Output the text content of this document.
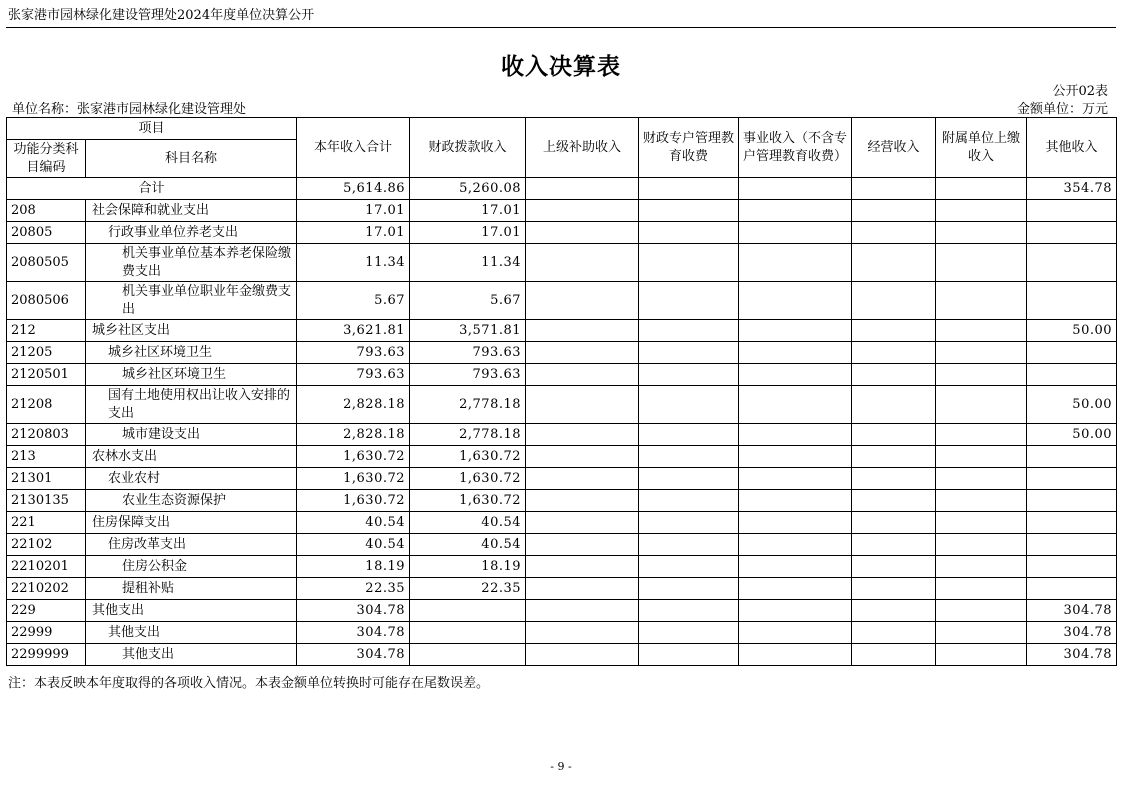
张家港市园林绿化建设管理处2024年度单位决算公开
收入决算表
公开02表
单位名称：张家港市园林绿化建设管理处	金额单位：万元
项目		本年收入合计	财政拨款收入	上级补助收入	财政专户管理教育收费	事业收入（不含专户管理教育收费）	经营收入	附属单位上缴收入	其他收入
功能分类科目编码	科目名称								
合计		5,614.86	5,260.08						354.78
208	社会保障和就业支出	17.01	17.01						
20805	行政事业单位养老支出	17.01	17.01						
2080505	机关事业单位基本养老保险缴费支出	11.34	11.34						
2080506	机关事业单位职业年金缴费支出	5.67	5.67						
212	城乡社区支出	3,621.81	3,571.81						50.00
21205	城乡社区环境卫生	793.63	793.63						
2120501	城乡社区环境卫生	793.63	793.63						
21208	国有土地使用权出让收入安排的支出	2,828.18	2,778.18						50.00
2120803	城市建设支出	2,828.18	2,778.18						50.00
213	农林水支出	1,630.72	1,630.72						
21301	农业农村	1,630.72	1,630.72						
2130135	农业生态资源保护	1,630.72	1,630.72						
221	住房保障支出	40.54	40.54						
22102	住房改革支出	40.54	40.54						
2210201	住房公积金	18.19	18.19						
2210202	提租补贴	22.35	22.35						
229	其他支出	304.78							304.78
22999	其他支出	304.78							304.78
2299999	其他支出	304.78							304.78
注：本表反映本年度取得的各项收入情况。本表金额单位转换时可能存在尾数误差。
- 9 -
